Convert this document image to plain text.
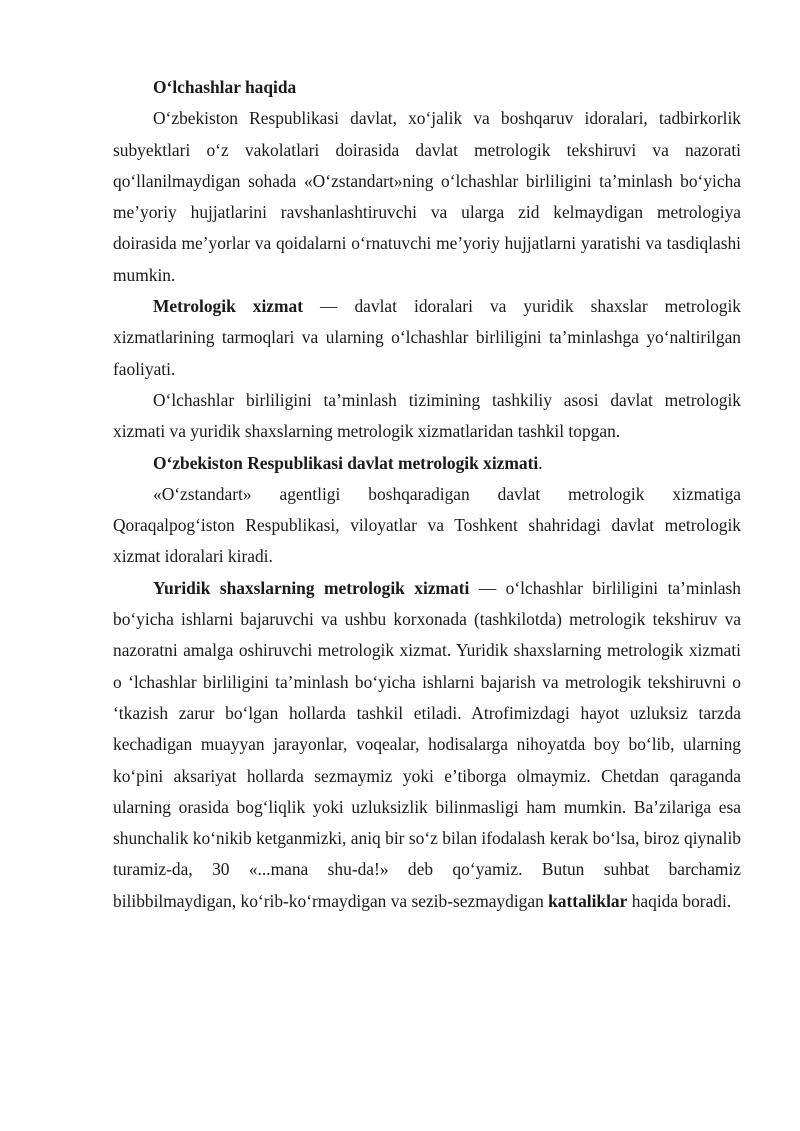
O‘lchashlar haqida

O‘zbekiston Respublikasi davlat, xo‘jalik va boshqaruv idoralari, tadbirkorlik subyektlari o‘z vakolatlari doirasida davlat metrologik tekshiruvi va nazorati qo‘llanilmaydigan sohada «O‘zstandart»ning o‘lchashlar birliligini ta’minlash bo‘yicha me’yoriy hujjatlarini ravshanlashtiruvchi va ularga zid kelmaydigan metrologiya doirasida me’yorlar va qoidalarni o‘rnatuvchi me’yoriy hujjatlarni yaratishi va tasdiqlashi mumkin.

Metrologik xizmat — davlat idoralari va yuridik shaxslar metrologik xizmatlarining tarmoqlari va ularning o‘lchashlar birliligini ta’minlashga yo‘naltirilgan faoliyati.

O‘lchashlar birliligini ta’minlash tizimining tashkiliy asosi davlat metrologik xizmati va yuridik shaxslarning metrologik xizmatlaridan tashkil topgan.

O‘zbekiston Respublikasi davlat metrologik xizmati.

«O‘zstandart» agentligi boshqaradigan davlat metrologik xizmatiga Qoraqalpog‘iston Respublikasi, viloyatlar va Toshkent shahridagi davlat metrologik xizmat idoralari kiradi.

Yuridik shaxslarning metrologik xizmati — o‘lchashlar birliligini ta’minlash bo‘yicha ishlarni bajaruvchi va ushbu korxonada (tashkilotda) metrologik tekshiruv va nazoratni amalga oshiruvchi metrologik xizmat. Yuridik shaxslarning metrologik xizmati o ‘lchashlar birliligini ta’minlash bo‘yicha ishlarni bajarish va metrologik tekshiruvni o ‘tkazish zarur bo‘lgan hollarda tashkil etiladi. Atrofimizdagi hayot uzluksiz tarzda kechadigan muayyan jarayonlar, voqealar, hodisalarga nihoyatda boy bo‘lib, ularning ko‘pini aksariyat hollarda sezmaymiz yoki e’tiborga olmaymiz. Chetdan qaraganda ularning orasida bog‘liqlik yoki uzluksizlik bilinmasligi ham mumkin. Ba’zilariga esa shunchalik ko‘nikib ketganmizki, aniq bir so‘z bilan ifodalash kerak bo‘lsa, biroz qiynalib turamiz-da, 30 «...mana shu-da!» deb qo‘yamiz. Butun suhbat barchamiz bilibbilmaydigan, ko‘rib-ko‘rmaydigan va sezib-sezmaydigan kattaliklar haqida boradi.
